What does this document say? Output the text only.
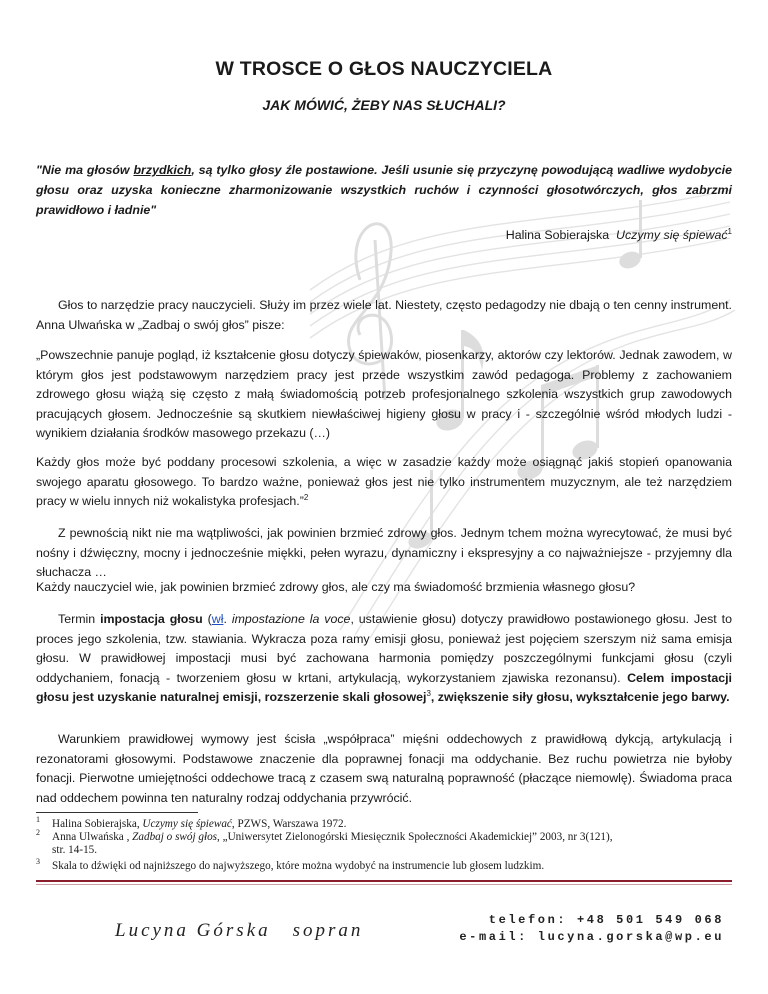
W TROSCE O GŁOS NAUCZYCIELA
JAK MÓWIĆ, ŻEBY NAS SŁUCHALI?
"Nie ma głosów brzydkich, są tylko głosy źle postawione. Jeśli usunie się przyczynę powodującą wadliwe wydobycie głosu oraz uzyska konieczne zharmonizowanie wszystkich ruchów i czynności głosotwórczych, głos zabrzmi prawidłowo i ładnie"
Halina Sobierajska Uczymy się śpiewać$^1$

Głos to narzędzie pracy nauczycieli. Służy im przez wiele lat. Niestety, często pedagodzy nie dbają o ten cenny instrument. Anna Ulwańska w „Zadbaj o swój głos” pisze:

„Powszechnie panuje pogląd, iż kształcenie głosu dotyczy śpiewaków, piosenkarzy, aktorów czy lektorów. Jednak zawodem, w którym głos jest podstawowym narzędziem pracy jest przede wszystkim zawód pedagoga. Problemy z zachowaniem zdrowego głosu wiążą się często z małą świadomością potrzeb profesjonalnego szkolenia wszystkich grup zawodowych pracujących głosem. Jednocześnie są skutkiem niewłaściwej higieny głosu w pracy i - szczególnie wśród młodych ludzi - wynikiem działania środków masowego przekazu (…)

Każdy głos może być poddany procesowi szkolenia, a więc w zasadzie każdy może osiągnąć jakiś stopień opanowania swojego aparatu głosowego. To bardzo ważne, ponieważ głos jest nie tylko instrumentem muzycznym, ale też narzędziem pracy w wielu innych niż wokalistyka profesjach.”$^2$

Z pewnością nikt nie ma wątpliwości, jak powinien brzmieć zdrowy głos. Jednym tchem można wyrecytować, że musi być nośny i dźwięczny, mocny i jednocześnie miękki, pełen wyrazu, dynamiczny i ekspresyjny a co najważniejsze - przyjemny dla słuchacza …

Każdy nauczyciel wie, jak powinien brzmieć zdrowy głos, ale czy ma świadomość brzmienia własnego głosu?

Termin impostacja głosu (wł. impostazione la voce, ustawienie głosu) dotyczy prawidłowo postawionego głosu. Jest to proces jego szkolenia, tzw. stawiania. Wykracza poza ramy emisji głosu, ponieważ jest pojęciem szerszym niż sama emisja głosu. W prawidłowej impostacji musi być zachowana harmonia pomiędzy poszczególnymi funkcjami głosu (czyli oddychaniem, fonacją - tworzeniem głosu w krtani, artykulacją, wykorzystaniem zjawiska rezonansu). Celem impostacji głosu jest uzyskanie naturalnej emisji, rozszerzenie skali głosowej$^3$, zwiększenie siły głosu, wykształcenie jego barwy.

Warunkiem prawidłowej wymowy jest ścisła „współpraca” mięśni oddechowych z prawidłową dykcją, artykulacją i rezonatorami głosowymi. Podstawowe znaczenie dla poprawnej fonacji ma oddychanie. Bez ruchu powietrza nie byłoby fonacji. Pierwotne umiejętności oddechowe tracą z czasem swą naturalną poprawność (płaczące niemowlę). Świadoma praca nad oddechem powinna ten naturalny rodzaj oddychania przywrócić.

1 Halina Sobierajska, Uczymy się śpiewać, PZWS, Warszawa 1972.
2 Anna Ulwańska , Zadbaj o swój głos, „Uniwersytet Zielonogórski Miesięcznik Społeczności Akademickiej” 2003, nr 3(121),
str. 14-15.
3 Skala to dźwięki od najniższego do najwyższego, które można wydobyć na instrumencie lub głosem ludzkim.
Lucyna Górska sopran	telefon: +48 501 549 068
e-mail: lucyna.gorska@wp.eu
